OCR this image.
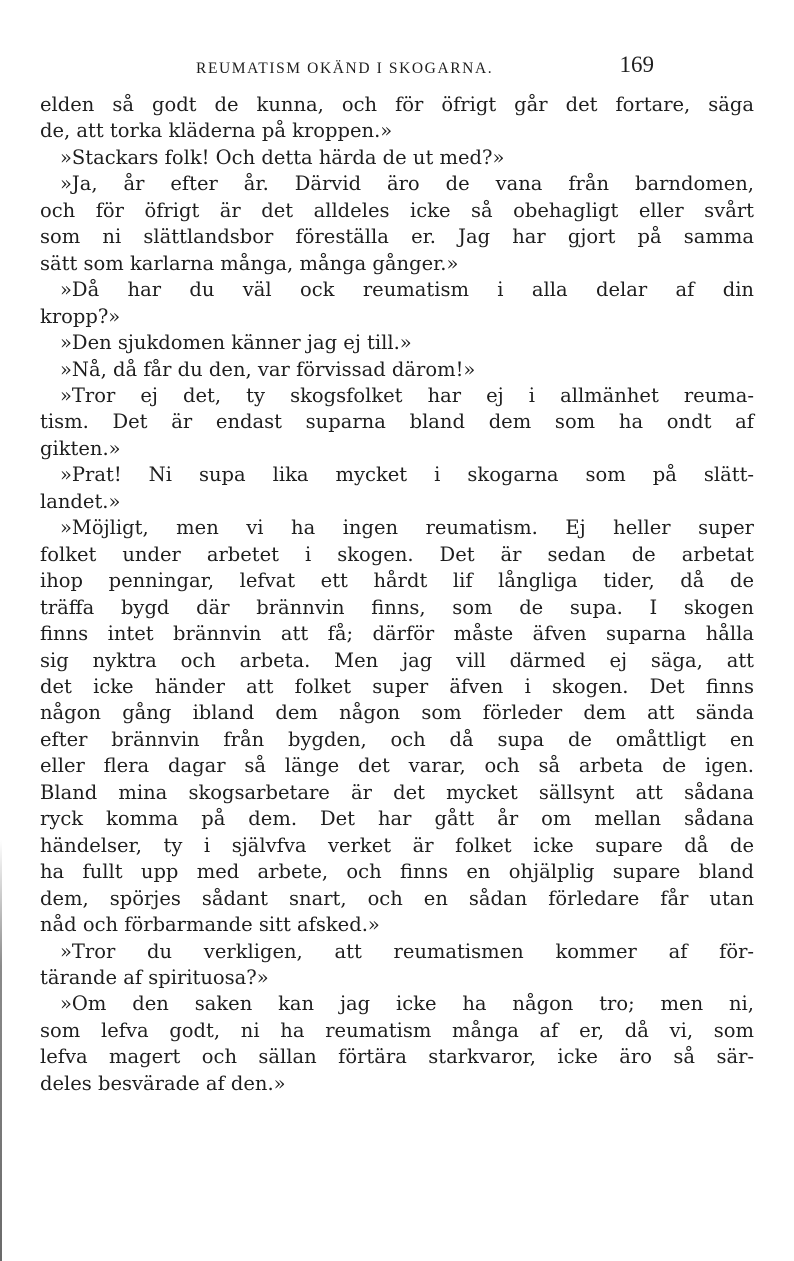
REUMATISM OKÄND I SKOGARNA.	169
elden så godt de kunna, och för öfrigt går det fortare, säga
de, att torka kläderna på kroppen.»
»Stackars folk! Och detta härda de ut med?»
»Ja, år efter år. Därvid äro de vana från barndomen,
och för öfrigt är det alldeles icke så obehagligt eller svårt
som ni slättlandsbor föreställa er. Jag har gjort på samma
sätt som karlarna många, många gånger.»
»Då har du väl ock reumatism i alla delar af din
kropp?»
»Den sjukdomen känner jag ej till.»
»Nå, då får du den, var förvissad därom!»
»Tror ej det, ty skogsfolket har ej i allmänhet reuma-
tism. Det är endast suparna bland dem som ha ondt af
gikten.»
»Prat! Ni supa lika mycket i skogarna som på slätt-
landet.»
»Möjligt, men vi ha ingen reumatism. Ej heller super
folket under arbetet i skogen. Det är sedan de arbetat
ihop penningar, lefvat ett hårdt lif långliga tider, då de
träffa bygd där brännvin finns, som de supa. I skogen
finns intet brännvin att få; därför måste äfven suparna hålla
sig nyktra och arbeta. Men jag vill därmed ej säga, att
det icke händer att folket super äfven i skogen. Det finns
någon gång ibland dem någon som förleder dem att sända
efter brännvin från bygden, och då supa de omåttligt en
eller flera dagar så länge det varar, och så arbeta de igen.
Bland mina skogsarbetare är det mycket sällsynt att sådana
ryck komma på dem. Det har gått år om mellan sådana
händelser, ty i självfva verket är folket icke supare då de
ha fullt upp med arbete, och finns en ohjälplig supare bland
dem, spörjes sådant snart, och en sådan förledare får utan
nåd och förbarmande sitt afsked.»
»Tror du verkligen, att reumatismen kommer af för-
tärande af spirituosa?»
»Om den saken kan jag icke ha någon tro; men ni,
som lefva godt, ni ha reumatism många af er, då vi, som
lefva magert och sällan förtära starkvaror, icke äro så sär-
deles besvärade af den.»
